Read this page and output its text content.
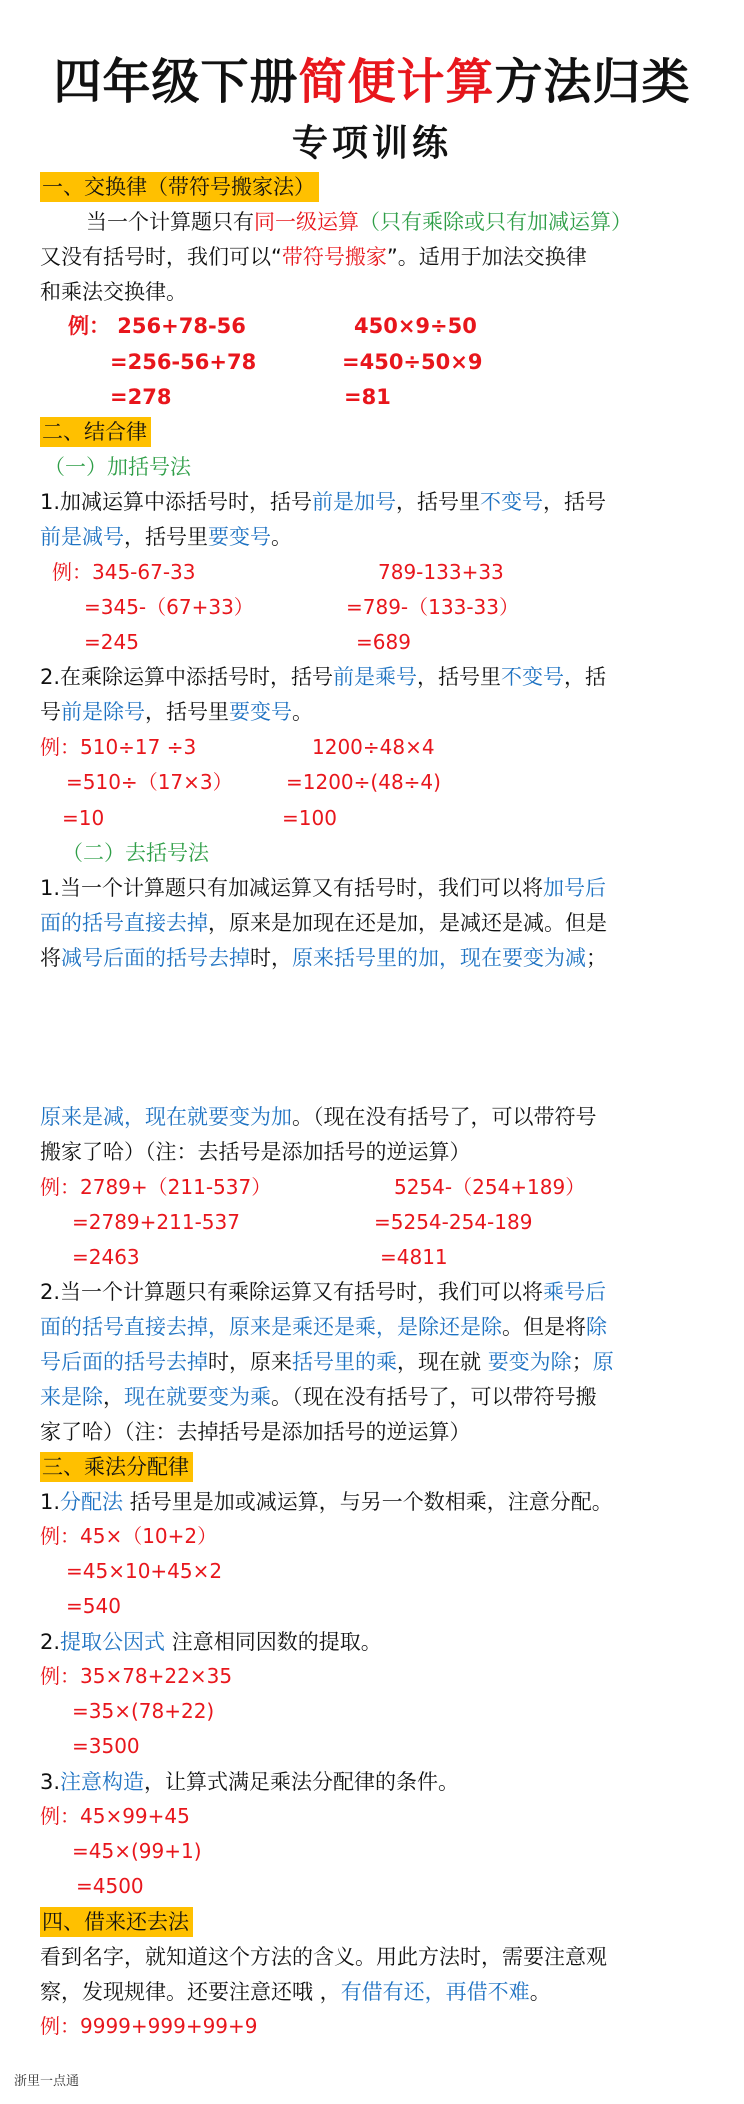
四年级下册简便计算方法归类
专项训练
一、交换律（带符号搬家法）
当一个计算题只有同一级运算（只有乘除或只有加减运算）
又没有括号时，我们可以“带符号搬家”。适用于加法交换律
和乘法交换律。
例： 256+78-56
=256-56+78
=278
450×9÷50
=450÷50×9
=81
二、结合律
（一）加括号法
1.加减运算中添括号时，括号前是加号，括号里不变号，括号
前是减号，括号里要变号。
例：345-67-33
=345-（67+33）
=245
789-133+33
=789-（133-33）
=689
2.在乘除运算中添括号时，括号前是乘号，括号里不变号，括
号前是除号，括号里要变号。
例：510÷17 ÷3
=510÷（17×3）
=10
1200÷48×4
=1200÷(48÷4)
=100
（二）去括号法
1.当一个计算题只有加减运算又有括号时，我们可以将加号后
面的括号直接去掉，原来是加现在还是加，是减还是减。但是
将减号后面的括号去掉时，原来括号里的加，现在要变为减；
原来是减，现在就要变为加。（现在没有括号了，可以带符号
搬家了哈）（注：去括号是添加括号的逆运算）
例：2789+（211-537）
=2789+211-537
=2463
5254-（254+189）
=5254-254-189
=4811
2.当一个计算题只有乘除运算又有括号时，我们可以将乘号后
面的括号直接去掉，原来是乘还是乘，是除还是除。但是将除
号后面的括号去掉时，原来括号里的乘，现在就 要变为除；原
来是除，现在就要变为乘。（现在没有括号了，可以带符号搬
家了哈）（注：去掉括号是添加括号的逆运算）
三、乘法分配律
1.分配法 括号里是加或减运算，与另一个数相乘，注意分配。
例：45×（10+2）
=45×10+45×2
=540
2.提取公因式 注意相同因数的提取。
例：35×78+22×35
=35×(78+22)
=3500
3.注意构造，让算式满足乘法分配律的条件。
例：45×99+45
=45×(99+1)
=4500
四、借来还去法
看到名字，就知道这个方法的含义。用此方法时，需要注意观
察，发现规律。还要注意还哦 ，有借有还，再借不难。
例：9999+999+99+9
浙里一点通
